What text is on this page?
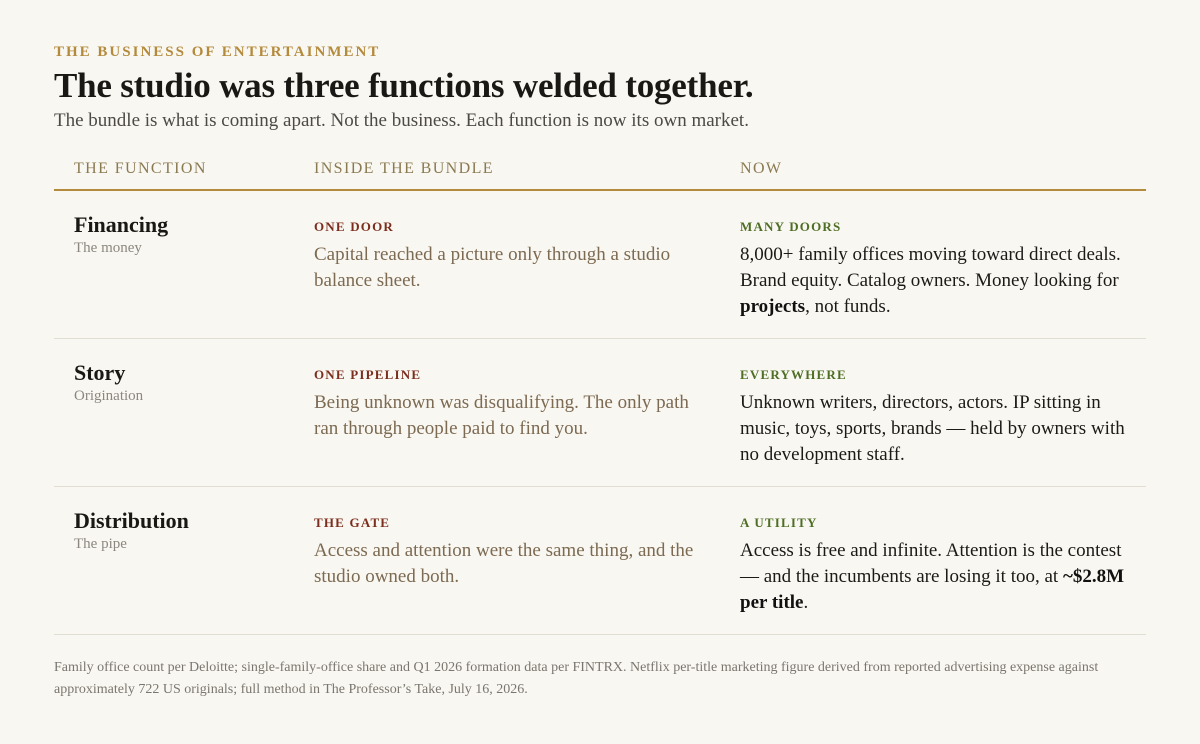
THE BUSINESS OF ENTERTAINMENT
The studio was three functions welded together.
The bundle is what is coming apart. Not the business. Each function is now its own market.
THE FUNCTION	INSIDE THE BUNDLE	NOW
Financing
The money
ONE DOOR
Capital reached a picture only through a studio balance sheet.
MANY DOORS
8,000+ family offices moving toward direct deals. Brand equity. Catalog owners. Money looking for projects, not funds.
Story
Origination
ONE PIPELINE
Being unknown was disqualifying. The only path ran through people paid to find you.
EVERYWHERE
Unknown writers, directors, actors. IP sitting in music, toys, sports, brands — held by owners with no development staff.
Distribution
The pipe
THE GATE
Access and attention were the same thing, and the studio owned both.
A UTILITY
Access is free and infinite. Attention is the contest — and the incumbents are losing it too, at ~$2.8M per title.

Family office count per Deloitte; single-family-office share and Q1 2026 formation data per FINTRX. Netflix per-title marketing figure derived from reported advertising expense against approximately 722 US originals; full method in The Professor’s Take, July 16, 2026.
